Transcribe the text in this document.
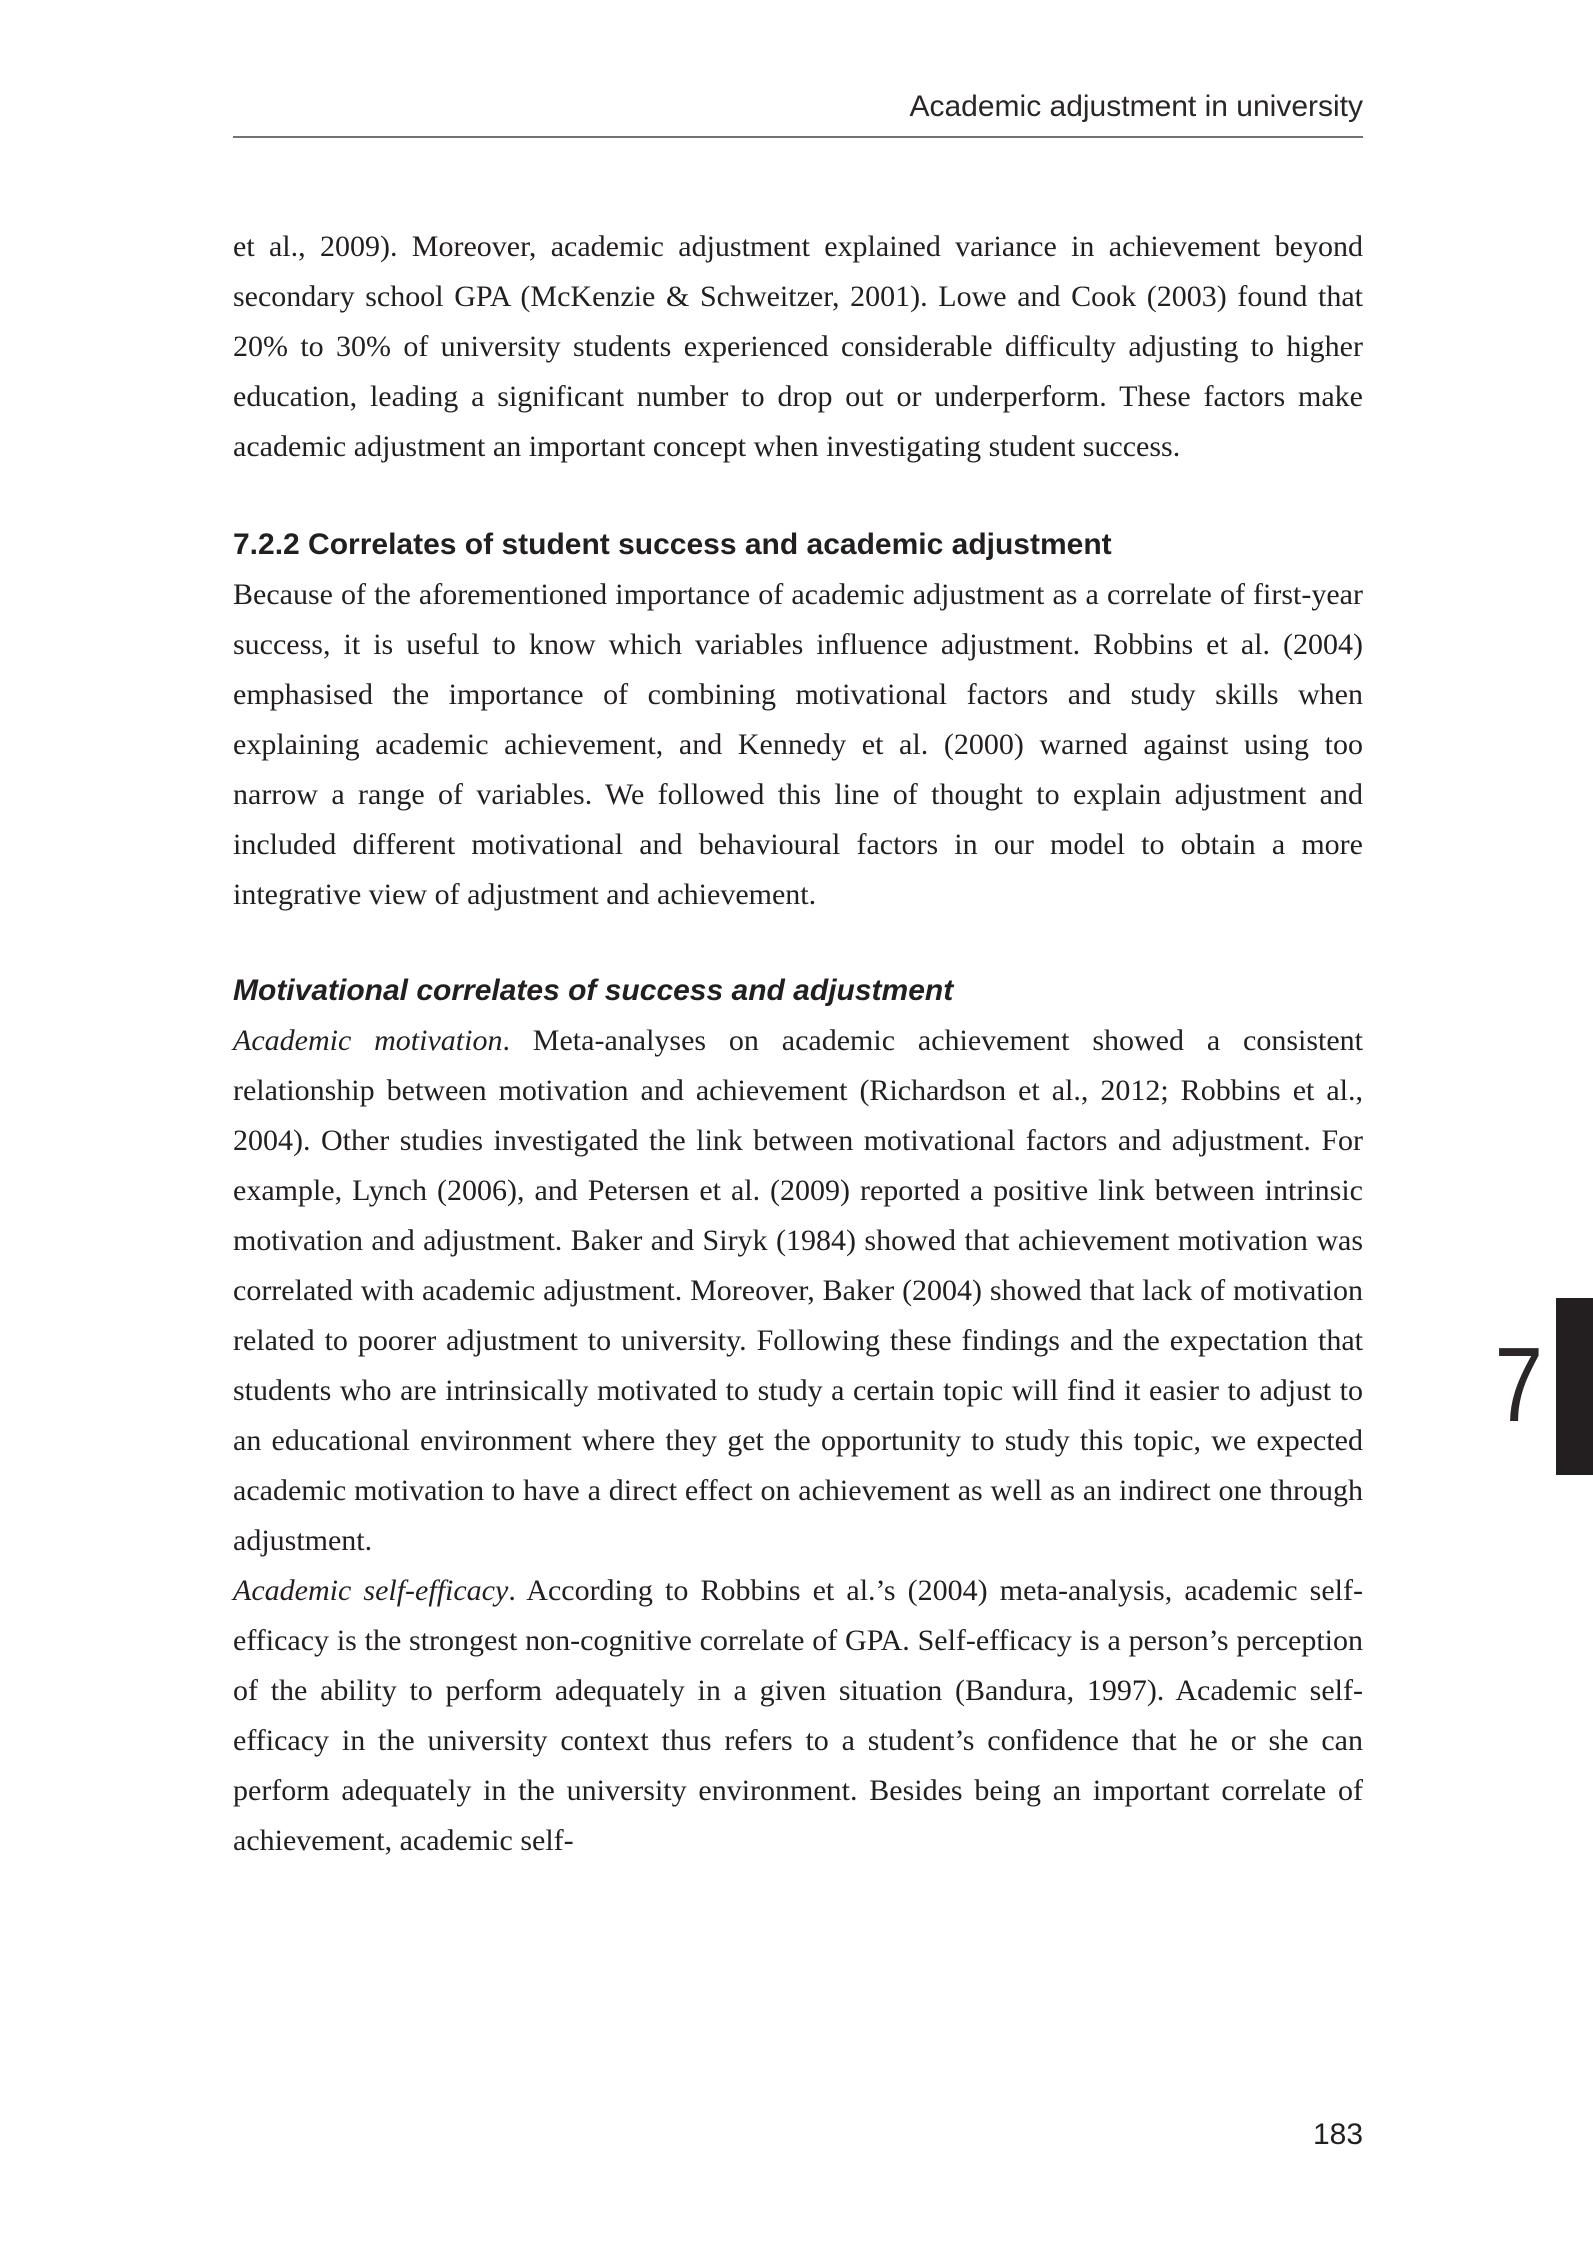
Academic adjustment in university

et al., 2009). Moreover, academic adjustment explained variance in achievement beyond secondary school GPA (McKenzie & Schweitzer, 2001). Lowe and Cook (2003) found that 20% to 30% of university students experienced considerable difficulty adjusting to higher education, leading a significant number to drop out or underperform. These factors make academic adjustment an important concept when investigating student success.

7.2.2 Correlates of student success and academic adjustment

Because of the aforementioned importance of academic adjustment as a correlate of first-year success, it is useful to know which variables influence adjustment. Robbins et al. (2004) emphasised the importance of combining motivational factors and study skills when explaining academic achievement, and Kennedy et al. (2000) warned against using too narrow a range of variables. We followed this line of thought to explain adjustment and included different motivational and behavioural factors in our model to obtain a more integrative view of adjustment and achievement.

Motivational correlates of success and adjustment

Academic motivation. Meta-analyses on academic achievement showed a consistent relationship between motivation and achievement (Richardson et al., 2012; Robbins et al., 2004). Other studies investigated the link between motivational factors and adjustment. For example, Lynch (2006), and Petersen et al. (2009) reported a positive link between intrinsic motivation and adjustment. Baker and Siryk (1984) showed that achievement motivation was correlated with academic adjustment. Moreover, Baker (2004) showed that lack of motivation related to poorer adjustment to university. Following these findings and the expectation that students who are intrinsically motivated to study a certain topic will find it easier to adjust to an educational environment where they get the opportunity to study this topic, we expected academic motivation to have a direct effect on achievement as well as an indirect one through adjustment.

Academic self-efficacy. According to Robbins et al.’s (2004) meta-analysis, academic self-efficacy is the strongest non-cognitive correlate of GPA. Self-efficacy is a person’s perception of the ability to perform adequately in a given situation (Bandura, 1997). Academic self-efficacy in the university context thus refers to a student’s confidence that he or she can perform adequately in the university environment. Besides being an important correlate of achievement, academic self-

7
183
